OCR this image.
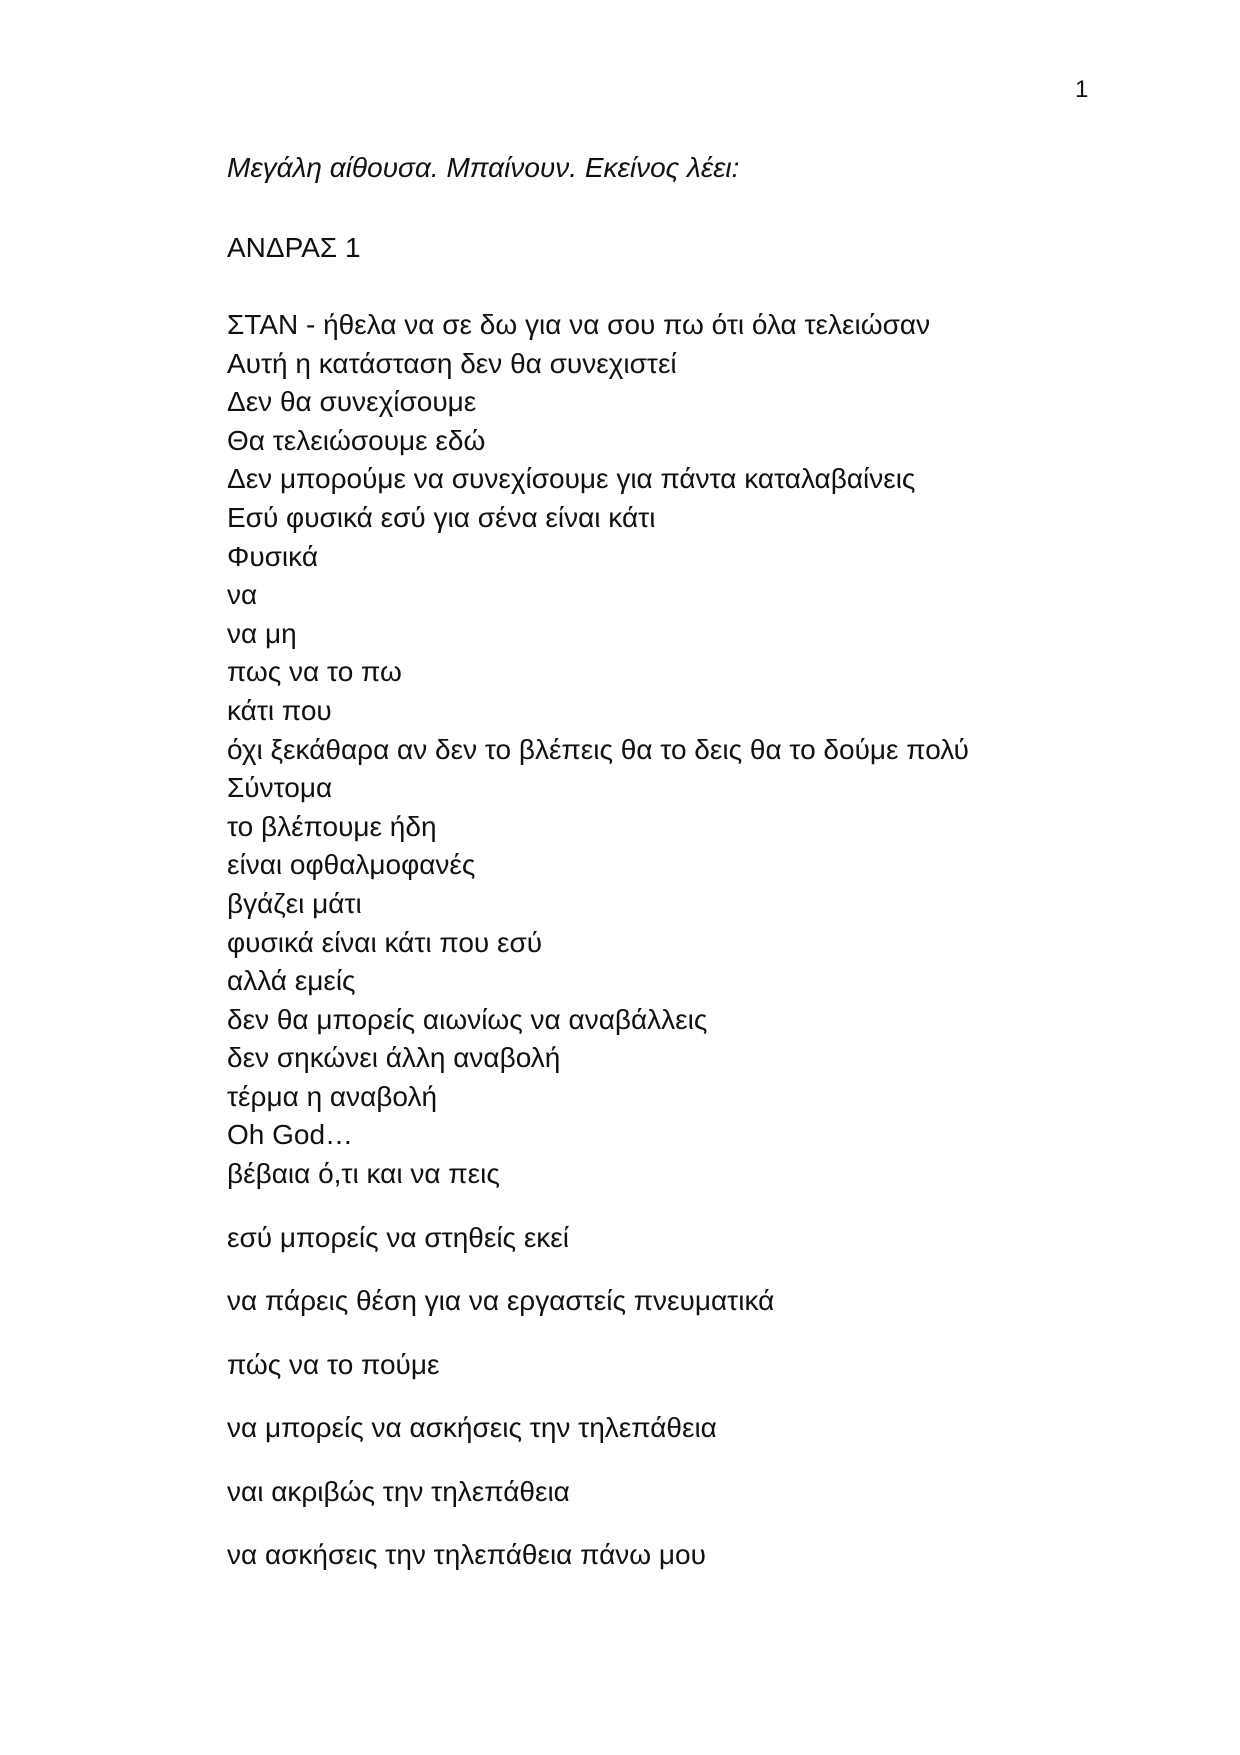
1

Μεγάλη αίθουσα. Μπαίνουν. Εκείνος λέει:

ΑΝΔΡΑΣ 1

ΣΤΑΝ - ήθελα να σε δω για να σου πω ότι όλα τελειώσαν
Αυτή η κατάσταση δεν θα συνεχιστεί
Δεν θα συνεχίσουμε
Θα τελειώσουμε εδώ
Δεν μπορούμε να συνεχίσουμε για πάντα καταλαβαίνεις
Εσύ φυσικά εσύ για σένα είναι κάτι
Φυσικά
να
να μη
πως να το πω
κάτι που
όχι ξεκάθαρα αν δεν το βλέπεις θα το δεις θα το δούμε πολύ
Σύντομα
το βλέπουμε ήδη
είναι οφθαλμοφανές
βγάζει μάτι
φυσικά είναι κάτι που εσύ
αλλά εμείς
δεν θα μπορείς αιωνίως να αναβάλλεις
δεν σηκώνει άλλη αναβολή
τέρμα η αναβολή
Oh God…
βέβαια ό,τι και να πεις
εσύ μπορείς να στηθείς εκεί
να πάρεις θέση για να εργαστείς πνευματικά
πώς να το πούμε
να μπορείς να ασκήσεις την τηλεπάθεια
ναι ακριβώς την τηλεπάθεια
να ασκήσεις την τηλεπάθεια πάνω μου
